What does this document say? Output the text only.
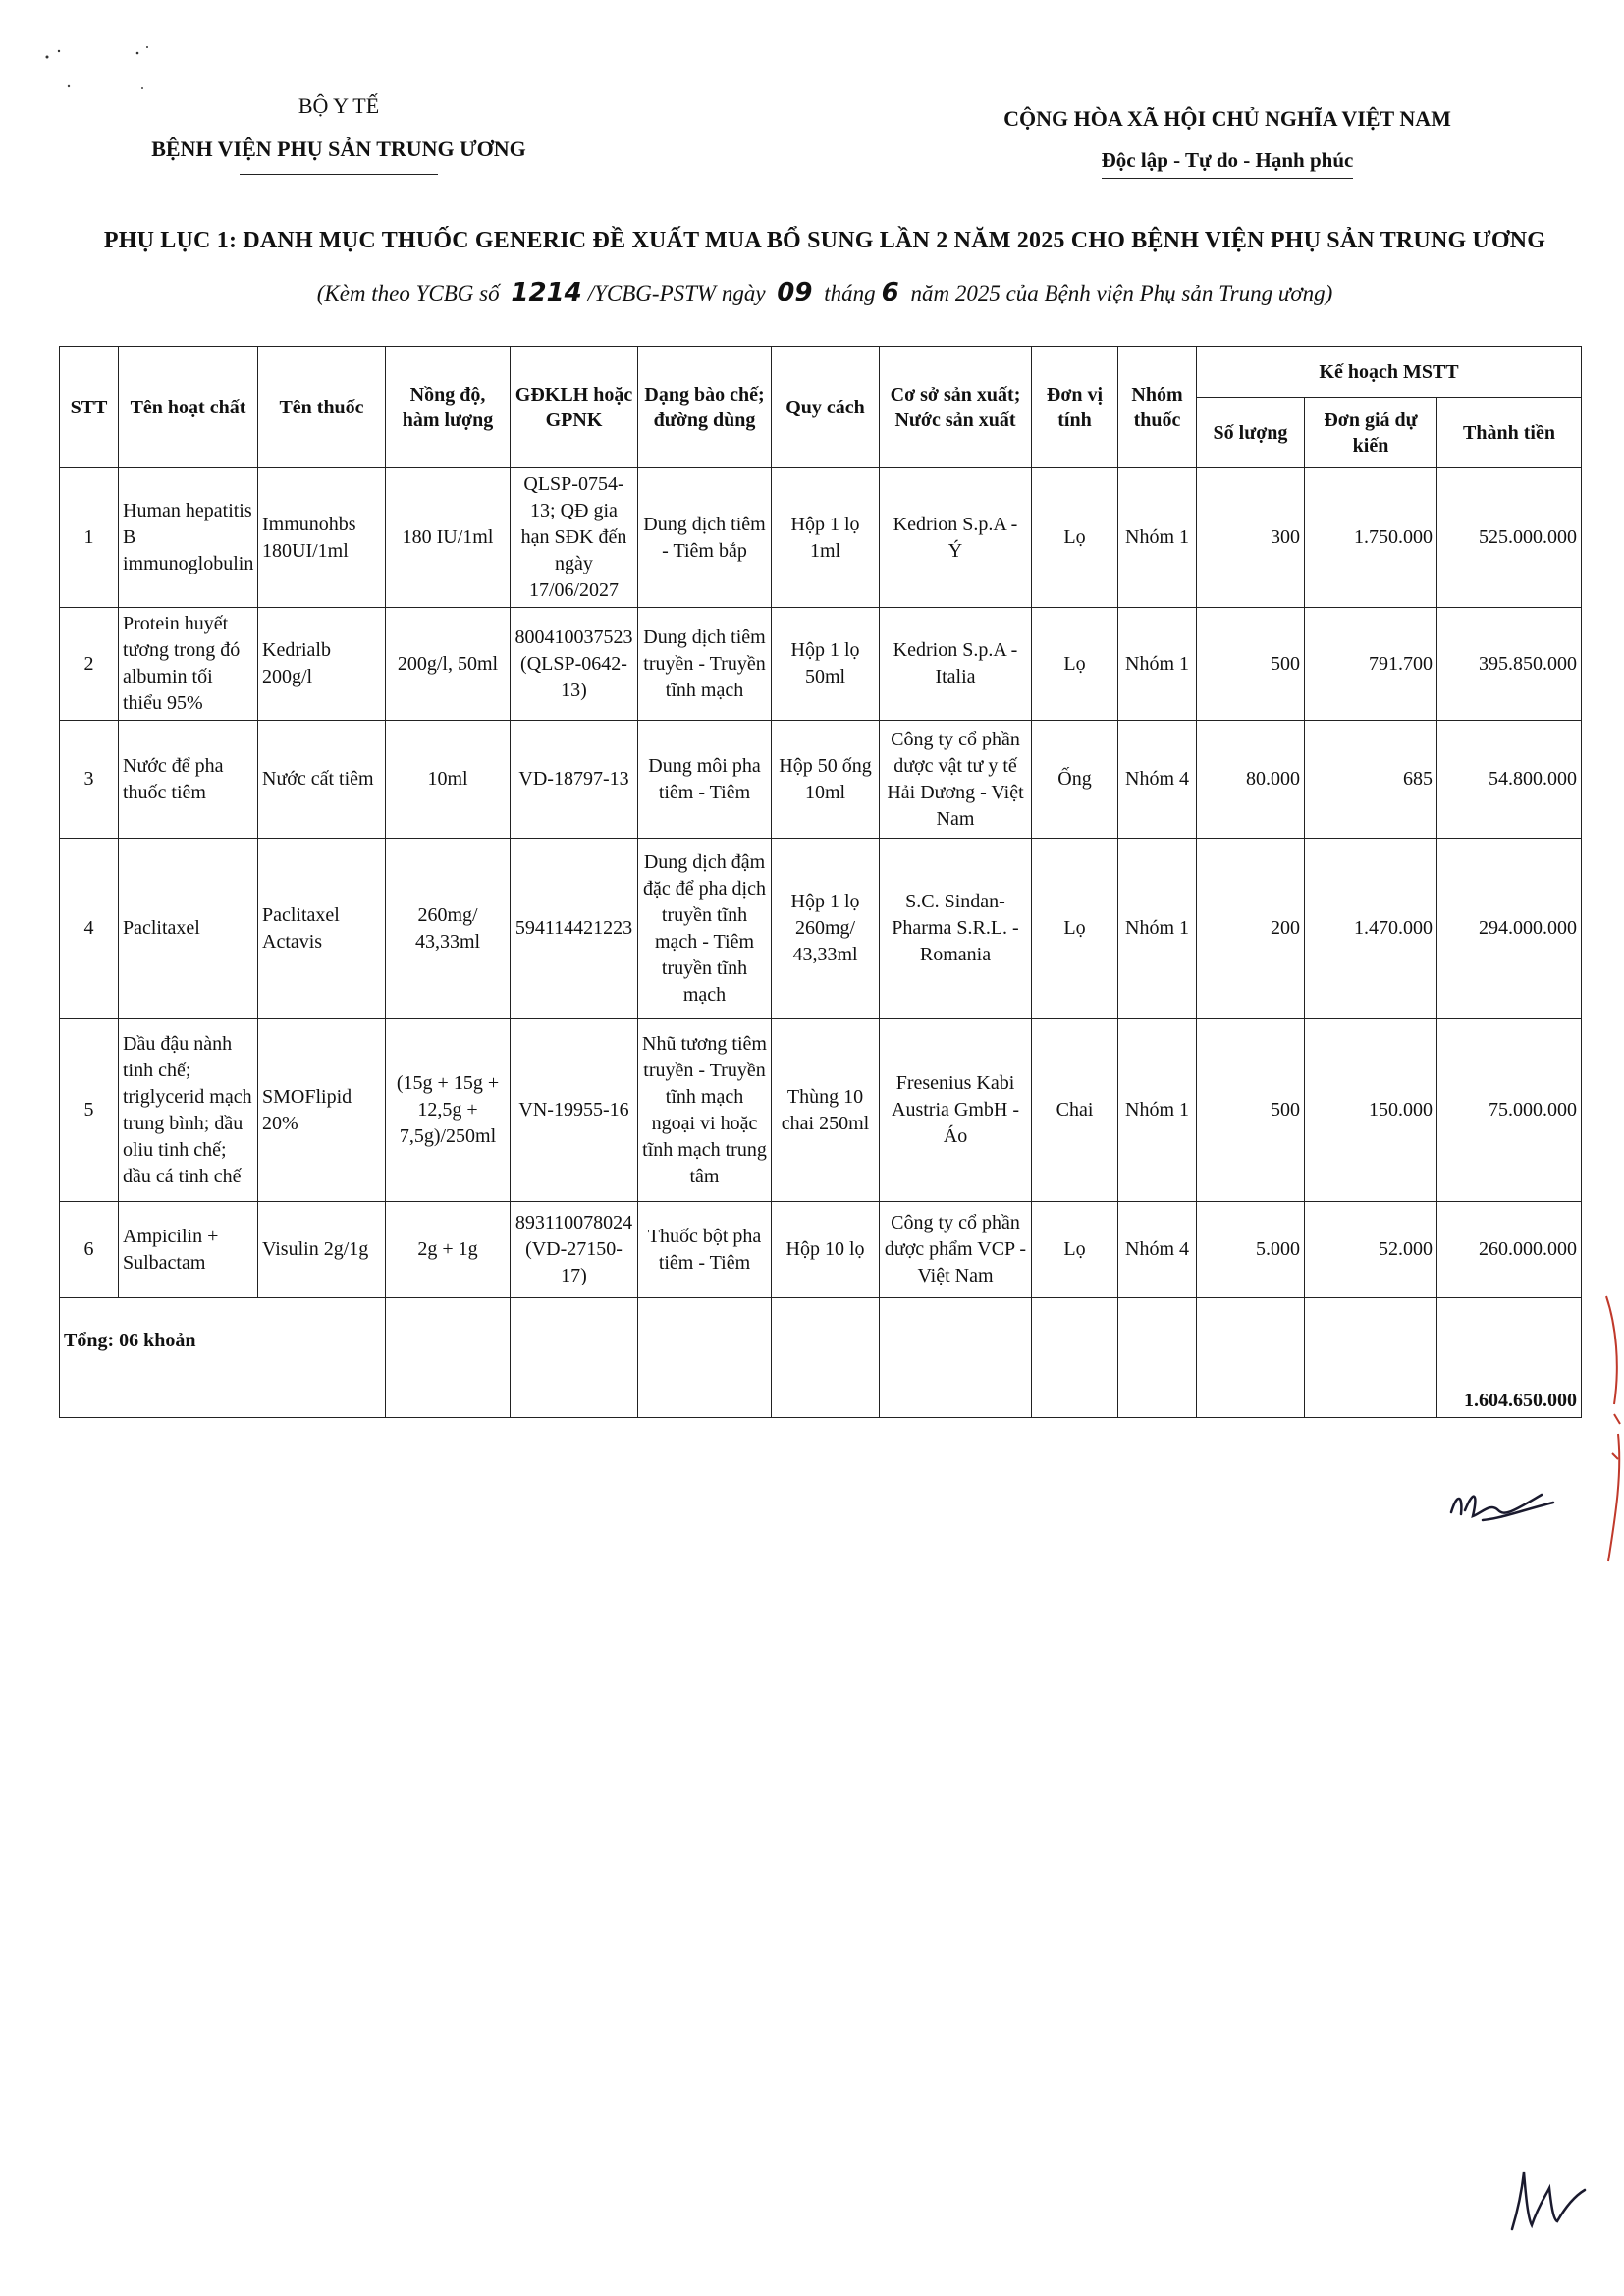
BỘ Y TẾ
BỆNH VIỆN PHỤ SẢN TRUNG ƯƠNG
CỘNG HÒA XÃ HỘI CHỦ NGHĨA VIỆT NAM
Độc lập - Tự do - Hạnh phúc
PHỤ LỤC 1: DANH MỤC THUỐC GENERIC ĐỀ XUẤT MUA BỔ SUNG LẦN 2 NĂM 2025 CHO BỆNH VIỆN PHỤ SẢN TRUNG ƯƠNG
(Kèm theo YCBG số 1214 /YCBG-PSTW ngày 09 tháng 6 năm 2025 của Bệnh viện Phụ sản Trung ương)
STT	Tên hoạt chất	Tên thuốc	Nồng độ, hàm lượng	GĐKLH hoặc GPNK	Dạng bào chế; đường dùng	Quy cách	Cơ sở sản xuất; Nước sản xuất	Đơn vị tính	Nhóm thuốc	Kế hoạch MSTT		
										Số lượng	Đơn giá dự kiến	Thành tiền
1	Human hepatitis B immunoglobulin	Immunohbs 180UI/1ml	180 IU/1ml	QLSP-0754-13; QĐ gia hạn SĐK đến ngày 17/06/2027	Dung dịch tiêm - Tiêm bắp	Hộp 1 lọ 1ml	Kedrion S.p.A - Ý	Lọ	Nhóm 1	300	1.750.000	525.000.000
2	Protein huyết tương trong đó albumin tối thiểu 95%	Kedrialb 200g/l	200g/l, 50ml	800410037523 (QLSP-0642-13)	Dung dịch tiêm truyền - Truyền tĩnh mạch	Hộp 1 lọ 50ml	Kedrion S.p.A - Italia	Lọ	Nhóm 1	500	791.700	395.850.000
3	Nước để pha thuốc tiêm	Nước cất tiêm	10ml	VD-18797-13	Dung môi pha tiêm - Tiêm	Hộp 50 ống 10ml	Công ty cổ phần dược vật tư y tế Hải Dương - Việt Nam	Ống	Nhóm 4	80.000	685	54.800.000
4	Paclitaxel	Paclitaxel Actavis	260mg/ 43,33ml	594114421223	Dung dịch đậm đặc để pha dịch truyền tĩnh mạch - Tiêm truyền tĩnh mạch	Hộp 1 lọ 260mg/ 43,33ml	S.C. Sindan-Pharma S.R.L. - Romania	Lọ	Nhóm 1	200	1.470.000	294.000.000
5	Dầu đậu nành tinh chế; triglycerid mạch trung bình; dầu oliu tinh chế; dầu cá tinh chế	SMOFlipid 20%	(15g + 15g + 12,5g + 7,5g)/250ml	VN-19955-16	Nhũ tương tiêm truyền - Truyền tĩnh mạch ngoại vi hoặc tĩnh mạch trung tâm	Thùng 10 chai 250ml	Fresenius Kabi Austria GmbH - Áo	Chai	Nhóm 1	500	150.000	75.000.000
6	Ampicilin + Sulbactam	Visulin 2g/1g	2g + 1g	893110078024 (VD-27150-17)	Thuốc bột pha tiêm - Tiêm	Hộp 10 lọ	Công ty cổ phần dược phẩm VCP - Việt Nam	Lọ	Nhóm 4	5.000	52.000	260.000.000
Tổng: 06 khoản												1.604.650.000
